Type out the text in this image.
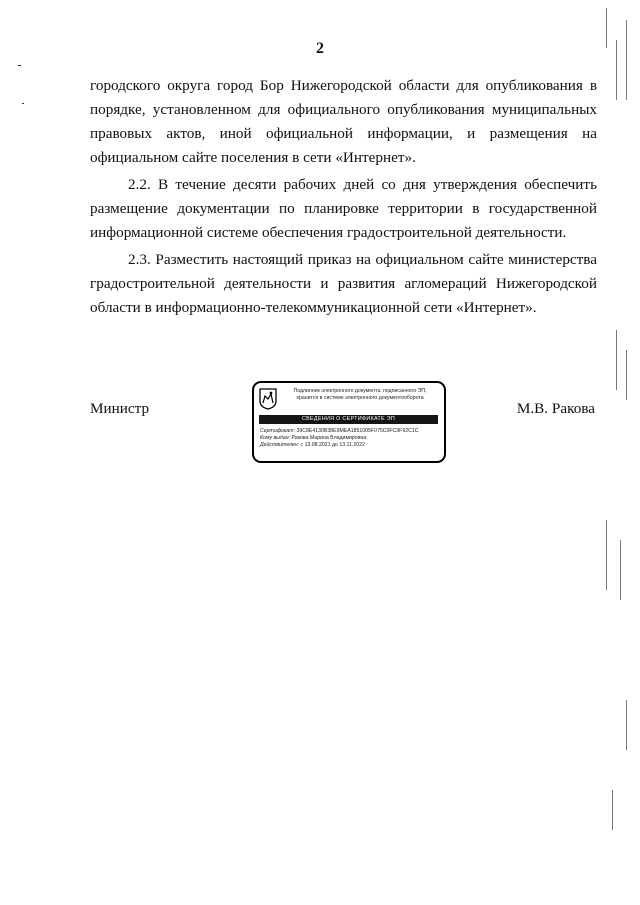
2

городского округа город Бор Нижегородской области для опубликования в порядке, установленном для официального опубликования муниципальных правовых актов, иной официальной информации, и размещения на официальном сайте поселения в сети «Интернет».

2.2. В течение десяти рабочих дней со дня утверждения обеспечить размещение документации по планировке территории в государственной информационной системе обеспечения градостроительной деятельности.

2.3. Разместить настоящий приказ на официальном сайте министерства градостроительной деятельности и развития агломераций Нижегородской области в информационно-телекоммуникационной сети «Интернет».

Министр
Подлинник электронного документа, подписанного ЭП,
хранится в системе электронного документооборота
СВЕДЕНИЯ О СЕРТИФИКАТЕ ЭП
Сертификат: 39C8E4130B38E9MEA1851005F075C0FC9F92C1C
Кому выдан: Ракова Марина Владимировна
Действителен: с 13.08.2021 до 13.11.2022
М.В. Ракова
